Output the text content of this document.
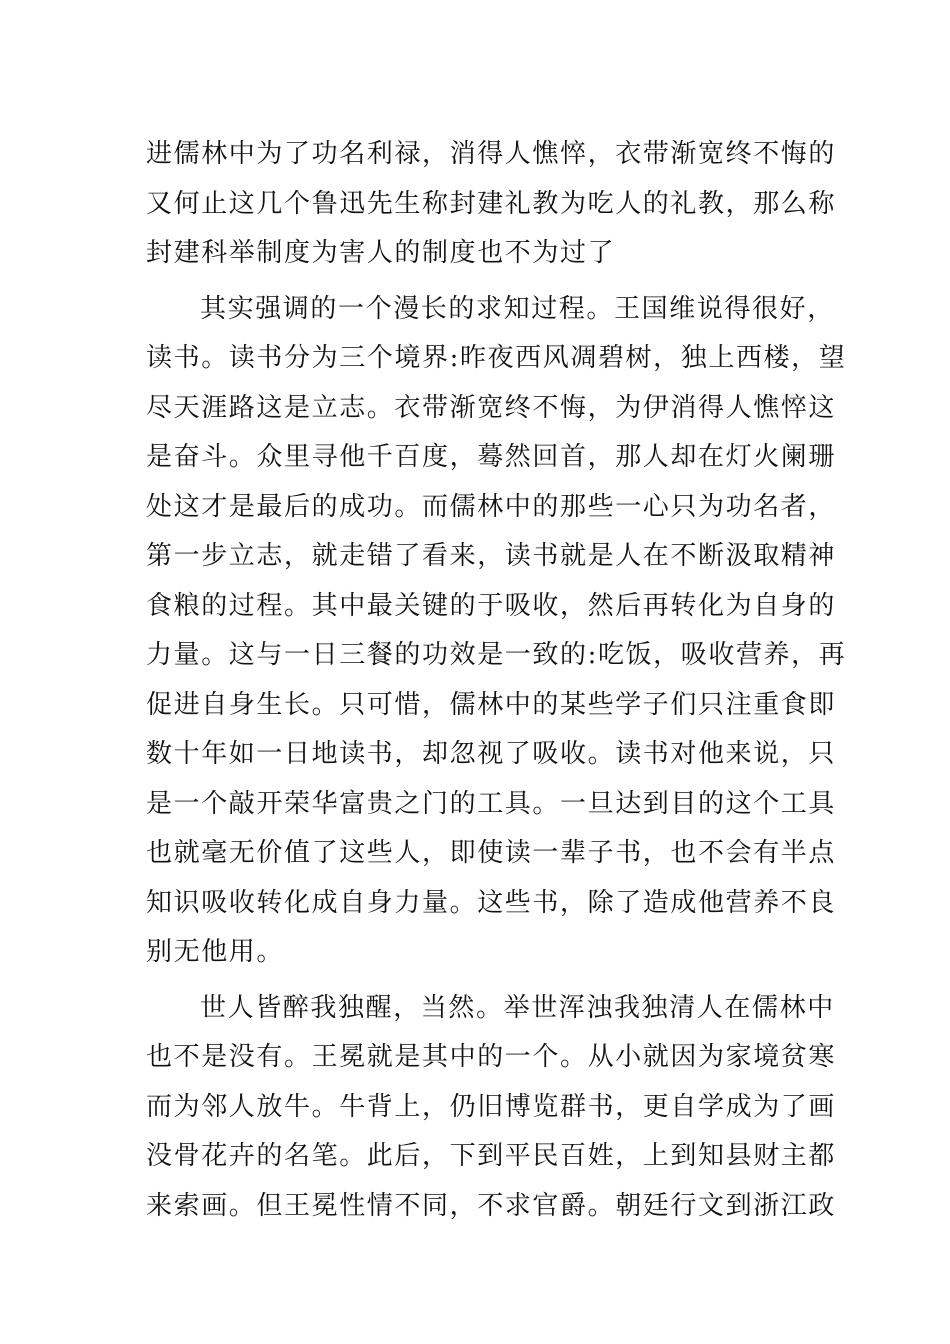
进儒林中为了功名利禄，消得人憔悴，衣带渐宽终不悔的
又何止这几个鲁迅先生称封建礼教为吃人的礼教，那么称
封建科举制度为害人的制度也不为过了
其实强调的一个漫长的求知过程。王国维说得很好，
读书。读书分为三个境界:昨夜西风凋碧树，独上西楼，望
尽天涯路这是立志。衣带渐宽终不悔，为伊消得人憔悴这
是奋斗。众里寻他千百度，蓦然回首，那人却在灯火阑珊
处这才是最后的成功。而儒林中的那些一心只为功名者，
第一步立志，就走错了看来，读书就是人在不断汲取精神
食粮的过程。其中最关键的于吸收，然后再转化为自身的
力量。这与一日三餐的功效是一致的:吃饭，吸收营养，再
促进自身生长。只可惜，儒林中的某些学子们只注重食即
数十年如一日地读书，却忽视了吸收。读书对他来说，只
是一个敲开荣华富贵之门的工具。一旦达到目的这个工具
也就毫无价值了这些人，即使读一辈子书，也不会有半点
知识吸收转化成自身力量。这些书，除了造成他营养不良
别无他用。
世人皆醉我独醒，当然。举世浑浊我独清人在儒林中
也不是没有。王冕就是其中的一个。从小就因为家境贫寒
而为邻人放牛。牛背上，仍旧博览群书，更自学成为了画
没骨花卉的名笔。此后，下到平民百姓，上到知县财主都
来索画。但王冕性情不同，不求官爵。朝廷行文到浙江政
